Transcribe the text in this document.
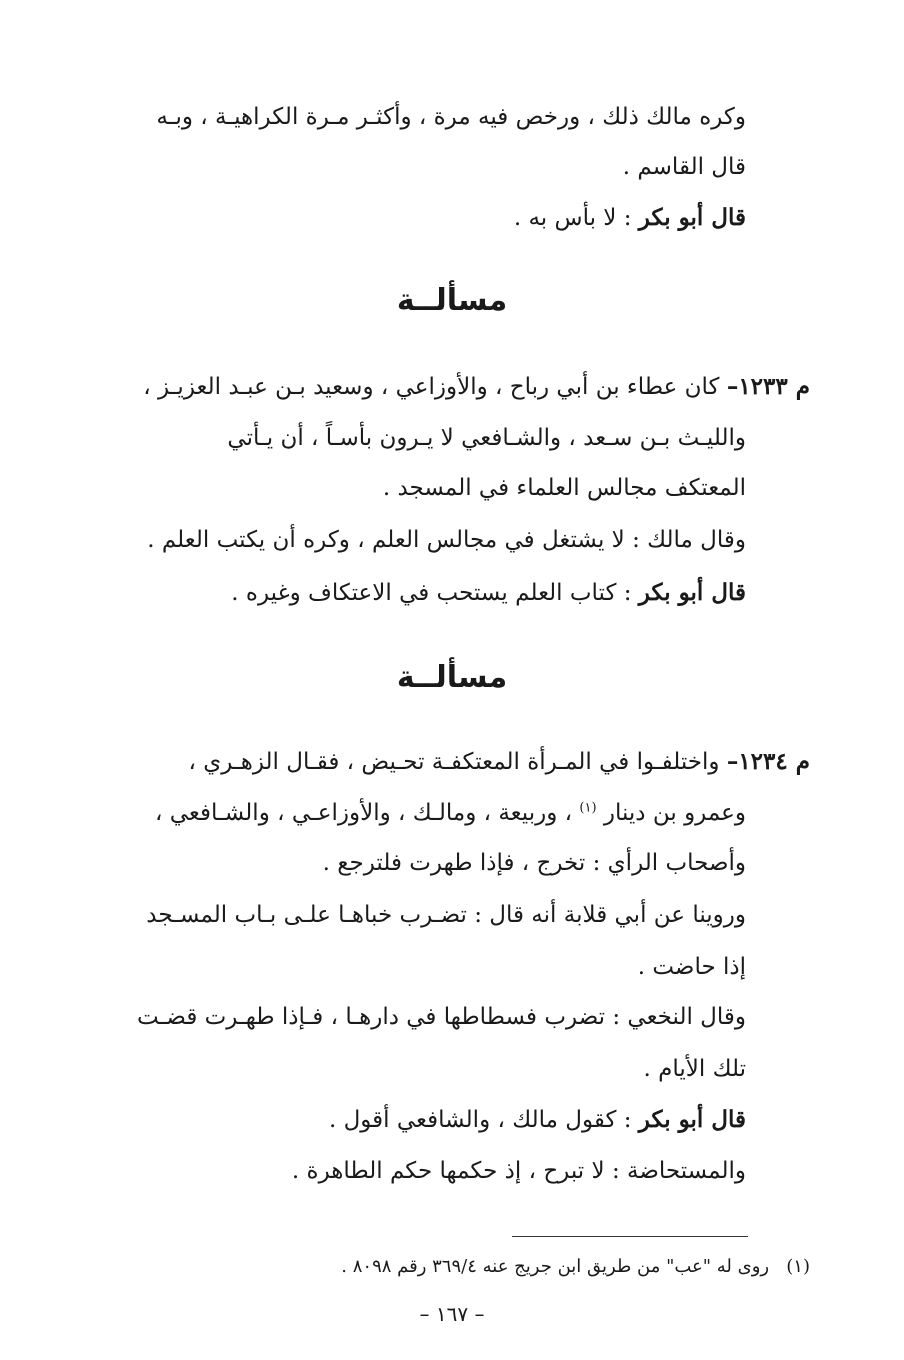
وكره مالك ذلك ، ورخص فيه مرة ، وأكثـر مـرة الكراهيـة ، وبـه
قال القاسم .
قال أبو بكر : لا بأس به .
مسألــة
م ١٢٣٣– كان عطاء بن أبي رباح ، والأوزاعي ، وسعيد بـن عبـد العزيـز ،
والليـث بـن سـعد ، والشـافعي لا يـرون بأسـاً ، أن يـأتي
المعتكف مجالس العلماء في المسجد .
وقال مالك : لا يشتغل في مجالس العلم ، وكره أن يكتب العلم .
قال أبو بكر : كتاب العلم يستحب في الاعتكاف وغيره .
مسألــة
م ١٢٣٤– واختلفـوا في المـرأة المعتكفـة تحـيض ، فقـال الزهـري ،
وعمرو بن دينار $^{(١)}$ ، وربيعة ، ومالـك ، والأوزاعـي ، والشـافعي ،
وأصحاب الرأي : تخرج ، فإذا طهرت فلترجع .
وروينا عن أبي قلابة أنه قال : تضـرب خباهـا علـى بـاب المسـجد
إذا حاضت .
وقال النخعي : تضرب فسطاطها في دارهـا ، فـإذا طهـرت قضـت
تلك الأيام .
قال أبو بكر : كقول مالك ، والشافعي أقول .
والمستحاضة : لا تبرح ، إذ حكمها حكم الطاهرة .
(١)   روى له "عب" من طريق ابن جريج عنه ٣٦٩/٤ رقم ٨٠٩٨ .
– ١٦٧ –
